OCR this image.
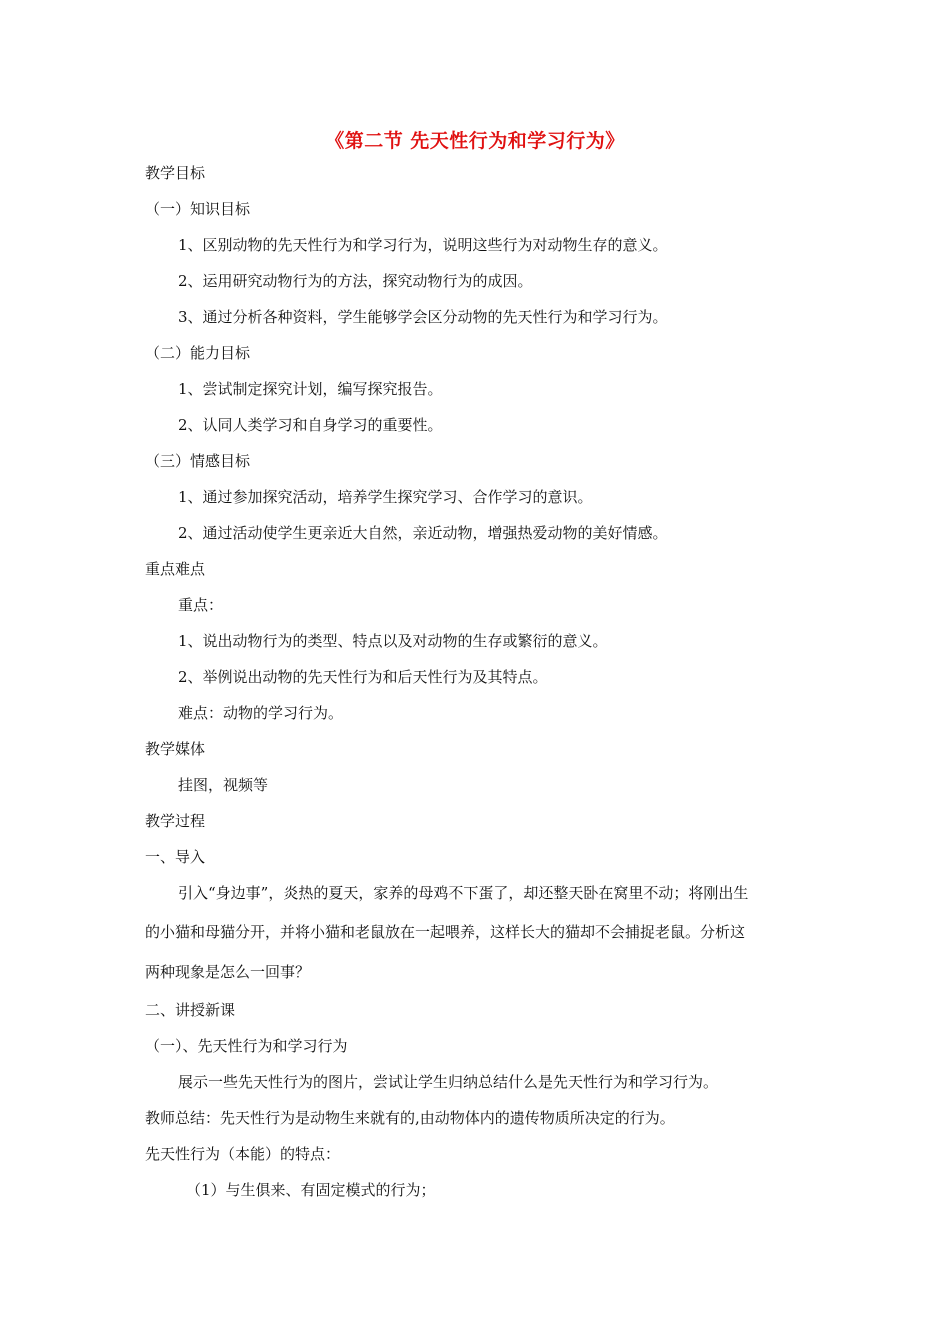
《第二节 先天性行为和学习行为》
教学目标
（一）知识目标
1、区别动物的先天性行为和学习行为，说明这些行为对动物生存的意义。
2、运用研究动物行为的方法，探究动物行为的成因。
3、通过分析各种资料，学生能够学会区分动物的先天性行为和学习行为。
（二）能力目标
1、尝试制定探究计划，编写探究报告。
2、认同人类学习和自身学习的重要性。
（三）情感目标
1、通过参加探究活动，培养学生探究学习、合作学习的意识。
2、通过活动使学生更亲近大自然，亲近动物，增强热爱动物的美好情感。
重点难点
重点：
1、说出动物行为的类型、特点以及对动物的生存或繁衍的意义。
2、举例说出动物的先天性行为和后天性行为及其特点。
难点：动物的学习行为。
教学媒体
挂图，视频等
教学过程
一、导入
引入“身边事”，炎热的夏天，家养的母鸡不下蛋了，却还整天卧在窝里不动；将刚出生
的小猫和母猫分开，并将小猫和老鼠放在一起喂养，这样长大的猫却不会捕捉老鼠。分析这
两种现象是怎么一回事？
二、讲授新课
（一）、先天性行为和学习行为
展示一些先天性行为的图片，尝试让学生归纳总结什么是先天性行为和学习行为。
教师总结：先天性行为是动物生来就有的,由动物体内的遗传物质所决定的行为。
先天性行为（本能）的特点：
（1）与生俱来、有固定模式的行为；
